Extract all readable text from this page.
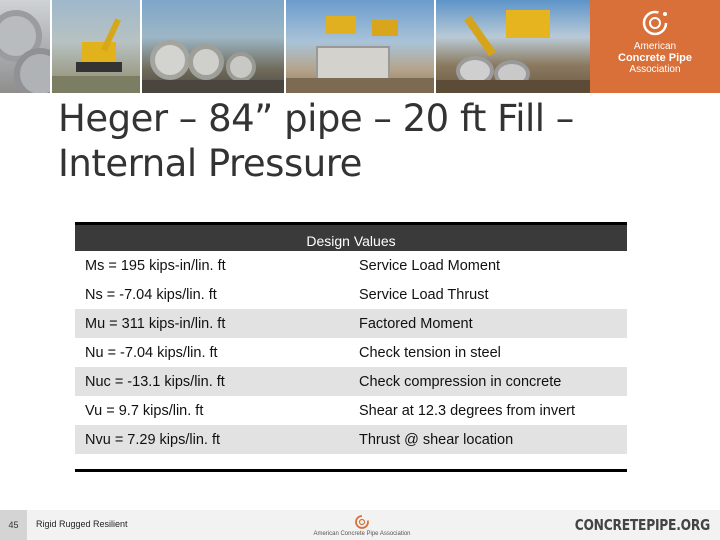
American
Concrete Pipe
Association
Heger – 84” pipe – 20 ft Fill –
Internal Pressure
Design Values
Ms = 195 kips-in/lin. ft	Service Load Moment
Ns = -7.04 kips/lin. ft	Service Load Thrust
Mu = 311 kips-in/lin. ft	Factored Moment
Nu = -7.04 kips/lin. ft	Check tension in steel
Nuc = -13.1 kips/lin. ft	Check compression in concrete
Vu = 9.7 kips/lin. ft	Shear at 12.3 degrees from invert
Nvu = 7.29 kips/lin. ft	Thrust @ shear location
45	Rigid Rugged Resilient
American Concrete Pipe Association	CONCRETEPIPE.ORG
